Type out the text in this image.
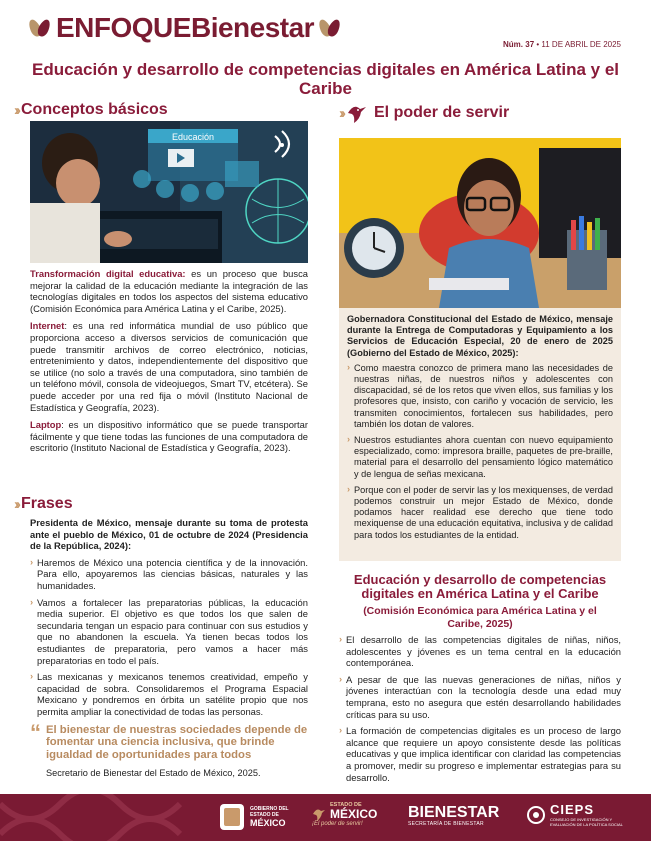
ENFOQUE Bienestar
Núm. 37 • 11 DE ABRIL DE 2025
Educación y desarrollo de competencias digitales en América Latina y el Caribe
›› Conceptos básicos
Educación

Transformación digital educativa: es un proceso que busca mejorar la calidad de la educación mediante la integración de las tecnologías digitales en todos los aspectos del sistema educativo (Comisión Económica para América Latina y el Caribe, 2025).

Internet: es una red informática mundial de uso público que proporciona acceso a diversos servicios de comunicación que puede transmitir archivos de correo electrónico, noticias, entretenimiento y datos, independientemente del dispositivo que se utilice (no solo a través de una computadora, sino también de un teléfono móvil, consola de videojuegos, Smart TV, etcétera). Se puede acceder por una red fija o móvil (Instituto Nacional de Estadística y Geografía, 2023).

Laptop: es un dispositivo informático que se puede transportar fácilmente y que tiene todas las funciones de una computadora de escritorio (Instituto Nacional de Estadística y Geografía, 2023).

›› Frases

Presidenta de México, mensaje durante su toma de protesta ante el pueblo de México, 01 de octubre de 2024 (Presidencia de la República, 2024):

› Haremos de México una potencia científica y de la innovación. Para ello, apoyaremos las ciencias básicas, naturales y las humanidades.
› Vamos a fortalecer las preparatorias públicas, la educación media superior. El objetivo es que todos los que salen de secundaria tengan un espacio para continuar con sus estudios y que no abandonen la escuela. Ya tienen becas todos los estudiantes de preparatoria, pero vamos a hacer más preparatorias en todo el país.
› Las mexicanas y mexicanos tenemos creatividad, empeño y capacidad de sobra. Consolidaremos el Programa Espacial Mexicano y pondremos en órbita un satélite propio que nos permita ampliar la conectividad de todas las personas.
“ El bienestar de nuestras sociedades depende de fomentar una ciencia inclusiva, que brinde igualdad de oportunidades para todos
Secretario de Bienestar del Estado de México, 2025.
›› El poder de servir
Gobernadora Constitucional del Estado de México, mensaje durante la Entrega de Computadoras y Equipamiento a los Servicios de Educación Especial, 20 de enero de 2025 (Gobierno del Estado de México, 2025):
› Como maestra conozco de primera mano las necesidades de nuestras niñas, de nuestros niños y adolescentes con discapacidad, sé de los retos que viven ellos, sus familias y los profesores que, insisto, con cariño y vocación de servicio, les transmiten conocimientos, fortalecen sus habilidades, pero también los dotan de valores.
› Nuestros estudiantes ahora cuentan con nuevo equipamiento especializado, como: impresora braille, paquetes de pre-braille, material para el desarrollo del pensamiento lógico matemático y de lengua de señas mexicana.
› Porque con el poder de servir las y los mexiquenses, de verdad podemos construir un mejor Estado de México, donde podamos hacer realidad ese derecho que tiene todo mexiquense de una educación equitativa, inclusiva y de calidad para todos los estudiantes de la entidad.
Educación y desarrollo de competencias digitales en América Latina y el Caribe
(Comisión Económica para América Latina y el Caribe, 2025)
› El desarrollo de las competencias digitales de niñas, niños, adolescentes y jóvenes es un tema central en la educación contemporánea.
› A pesar de que las nuevas generaciones de niñas, niños y jóvenes interactúan con la tecnología desde una edad muy temprana, esto no asegura que estén desarrollando habilidades críticas para su uso.
› La formación de competencias digitales es un proceso de largo alcance que requiere un apoyo consistente desde las políticas educativas y que implica identificar con claridad las competencias a promover, medir su progreso e implementar estrategias para su desarrollo.
GOBIERNO DEL
ESTADO DE
MÉXICO
ESTADO DE
MÉXICO
¡El poder de servir!
BIENESTAR
SECRETARÍA DE BIENESTAR
CIEPS
CONSEJO DE INVESTIGACIÓN Y
EVALUACIÓN DE LA POLÍTICA SOCIAL
